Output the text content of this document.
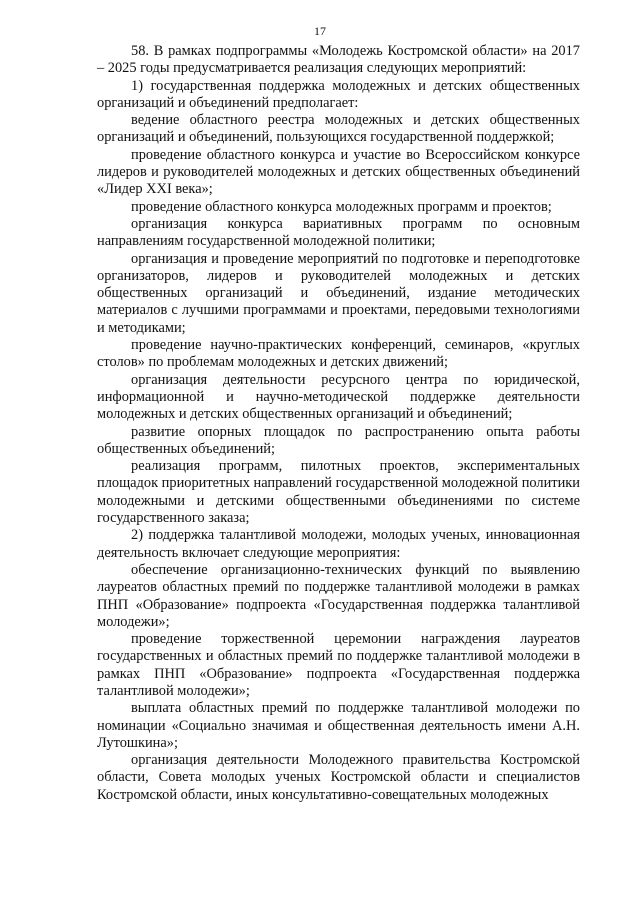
17

58. В рамках подпрограммы «Молодежь Костромской области» на 2017 – 2025 годы предусматривается реализация следующих мероприятий:

1) государственная поддержка молодежных и детских общественных организаций и объединений предполагает:

ведение областного реестра молодежных и детских общественных организаций и объединений, пользующихся государственной поддержкой;

проведение областного конкурса и участие во Всероссийском конкурсе лидеров и руководителей молодежных и детских общественных объединений «Лидер XXI века»;

проведение областного конкурса молодежных программ и проектов;

организация конкурса вариативных программ по основным направлениям государственной молодежной политики;

организация и проведение мероприятий по подготовке и переподготовке организаторов, лидеров и руководителей молодежных и детских общественных организаций и объединений, издание методических материалов с лучшими программами и проектами, передовыми технологиями и методиками;

проведение научно-практических конференций, семинаров, «круглых столов» по проблемам молодежных и детских движений;

организация деятельности ресурсного центра по юридической, информационной и научно-методической поддержке деятельности молодежных и детских общественных организаций и объединений;

развитие опорных площадок по распространению опыта работы общественных объединений;

реализация программ, пилотных проектов, экспериментальных площадок приоритетных направлений государственной молодежной политики молодежными и детскими общественными объединениями по системе государственного заказа;

2) поддержка талантливой молодежи, молодых ученых, инновационная деятельность включает следующие мероприятия:

обеспечение организационно-технических функций по выявлению лауреатов областных премий по поддержке талантливой молодежи в рамках ПНП «Образование» подпроекта «Государственная поддержка талантливой молодежи»;

проведение торжественной церемонии награждения лауреатов государственных и областных премий по поддержке талантливой молодежи в рамках ПНП «Образование» подпроекта «Государственная поддержка талантливой молодежи»;

выплата областных премий по поддержке талантливой молодежи по номинации «Социально значимая и общественная деятельность имени А.Н. Лутошкина»;

организация деятельности Молодежного правительства Костромской области, Совета молодых ученых Костромской области и специалистов Костромской области, иных консультативно-совещательных молодежных
